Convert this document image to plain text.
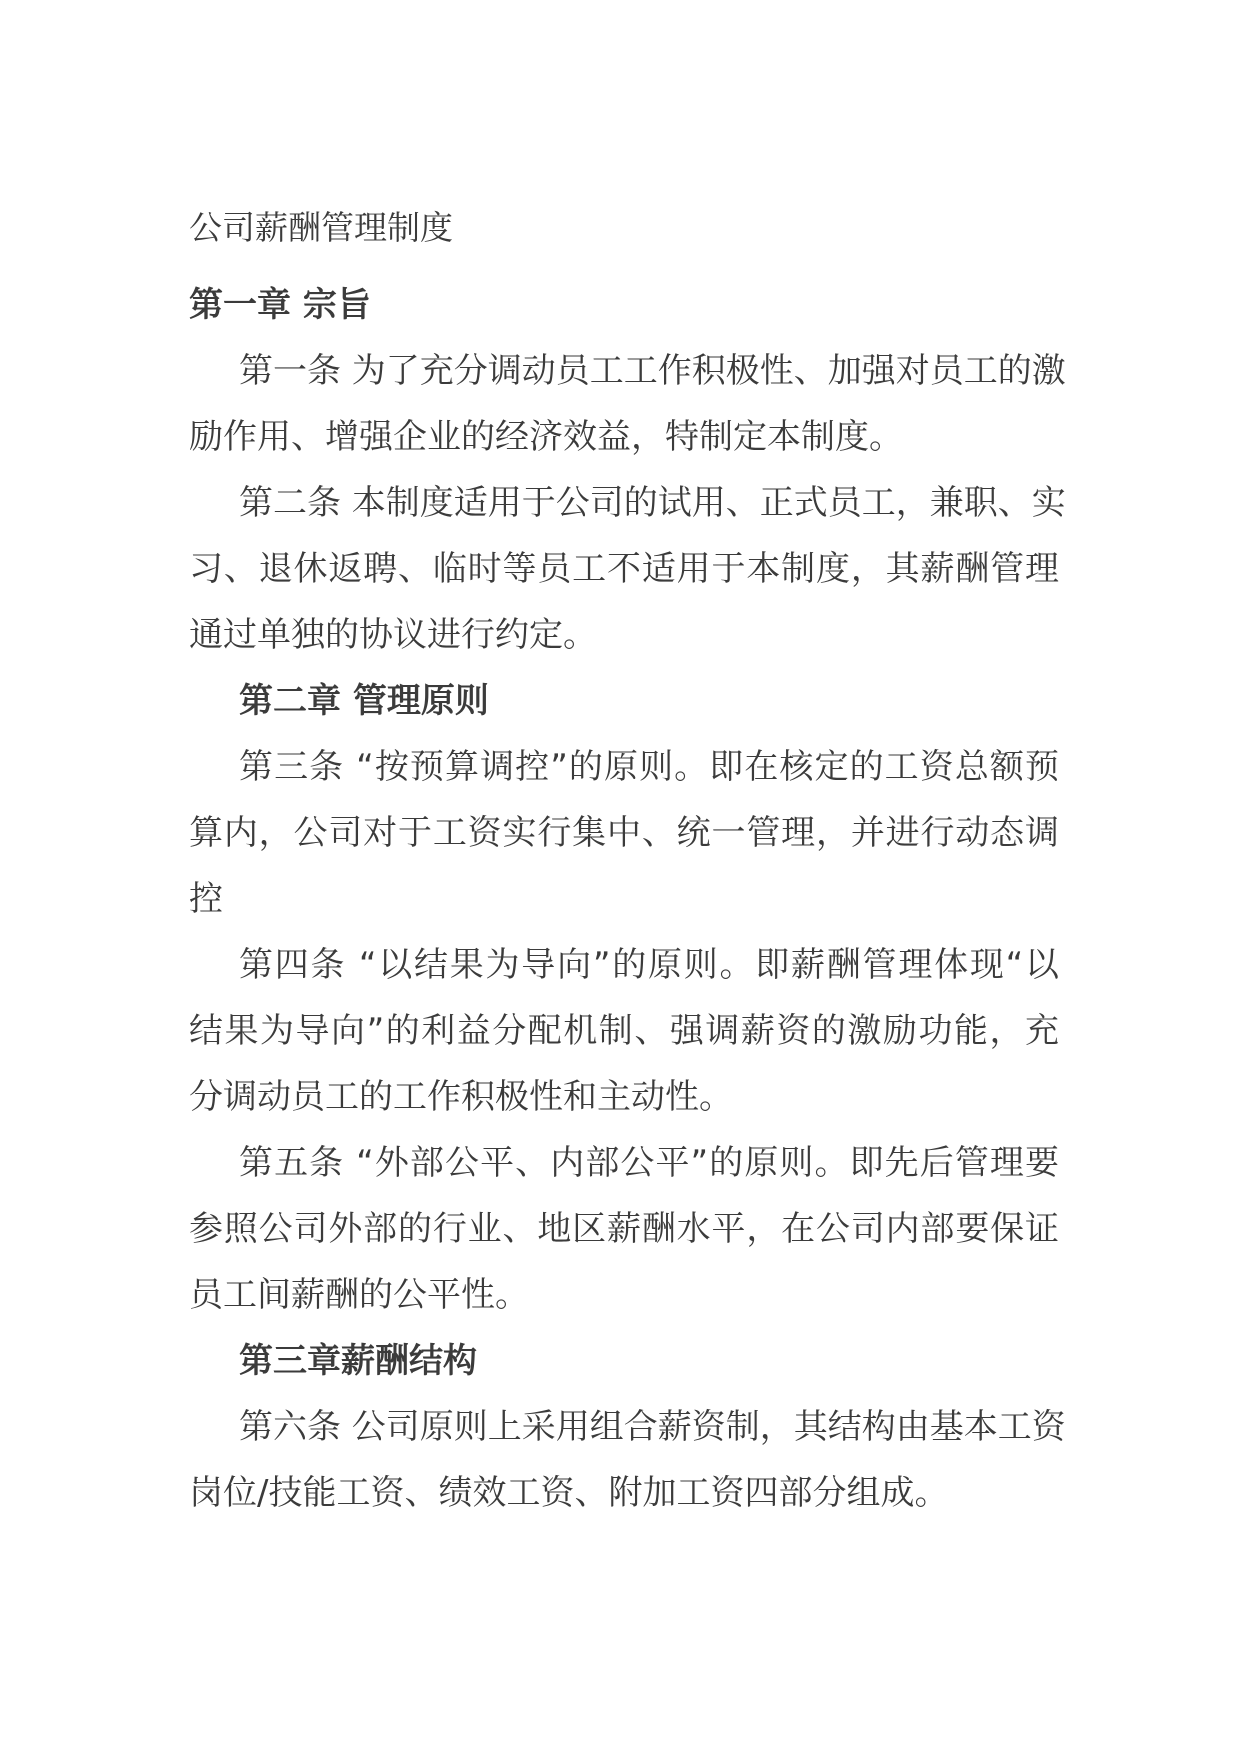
公司薪酬管理制度
第一章 宗旨
第一条 为了充分调动员工工作积极性、加强对员工的激
励作用、增强企业的经济效益，特制定本制度。
第二条 本制度适用于公司的试用、正式员工，兼职、实
习、退休返聘、临时等员工不适用于本制度，其薪酬管理
通过单独的协议进行约定。
第二章 管理原则
第三条 “按预算调控”的原则。即在核定的工资总额预
算内，公司对于工资实行集中、统一管理，并进行动态调
控
第四条 “以结果为导向”的原则。即薪酬管理体现“以
结果为导向”的利益分配机制、强调薪资的激励功能，充
分调动员工的工作积极性和主动性。
第五条 “外部公平、内部公平”的原则。即先后管理要
参照公司外部的行业、地区薪酬水平，在公司内部要保证
员工间薪酬的公平性。
第三章薪酬结构
第六条 公司原则上采用组合薪资制，其结构由基本工资
岗位/技能工资、绩效工资、附加工资四部分组成。
